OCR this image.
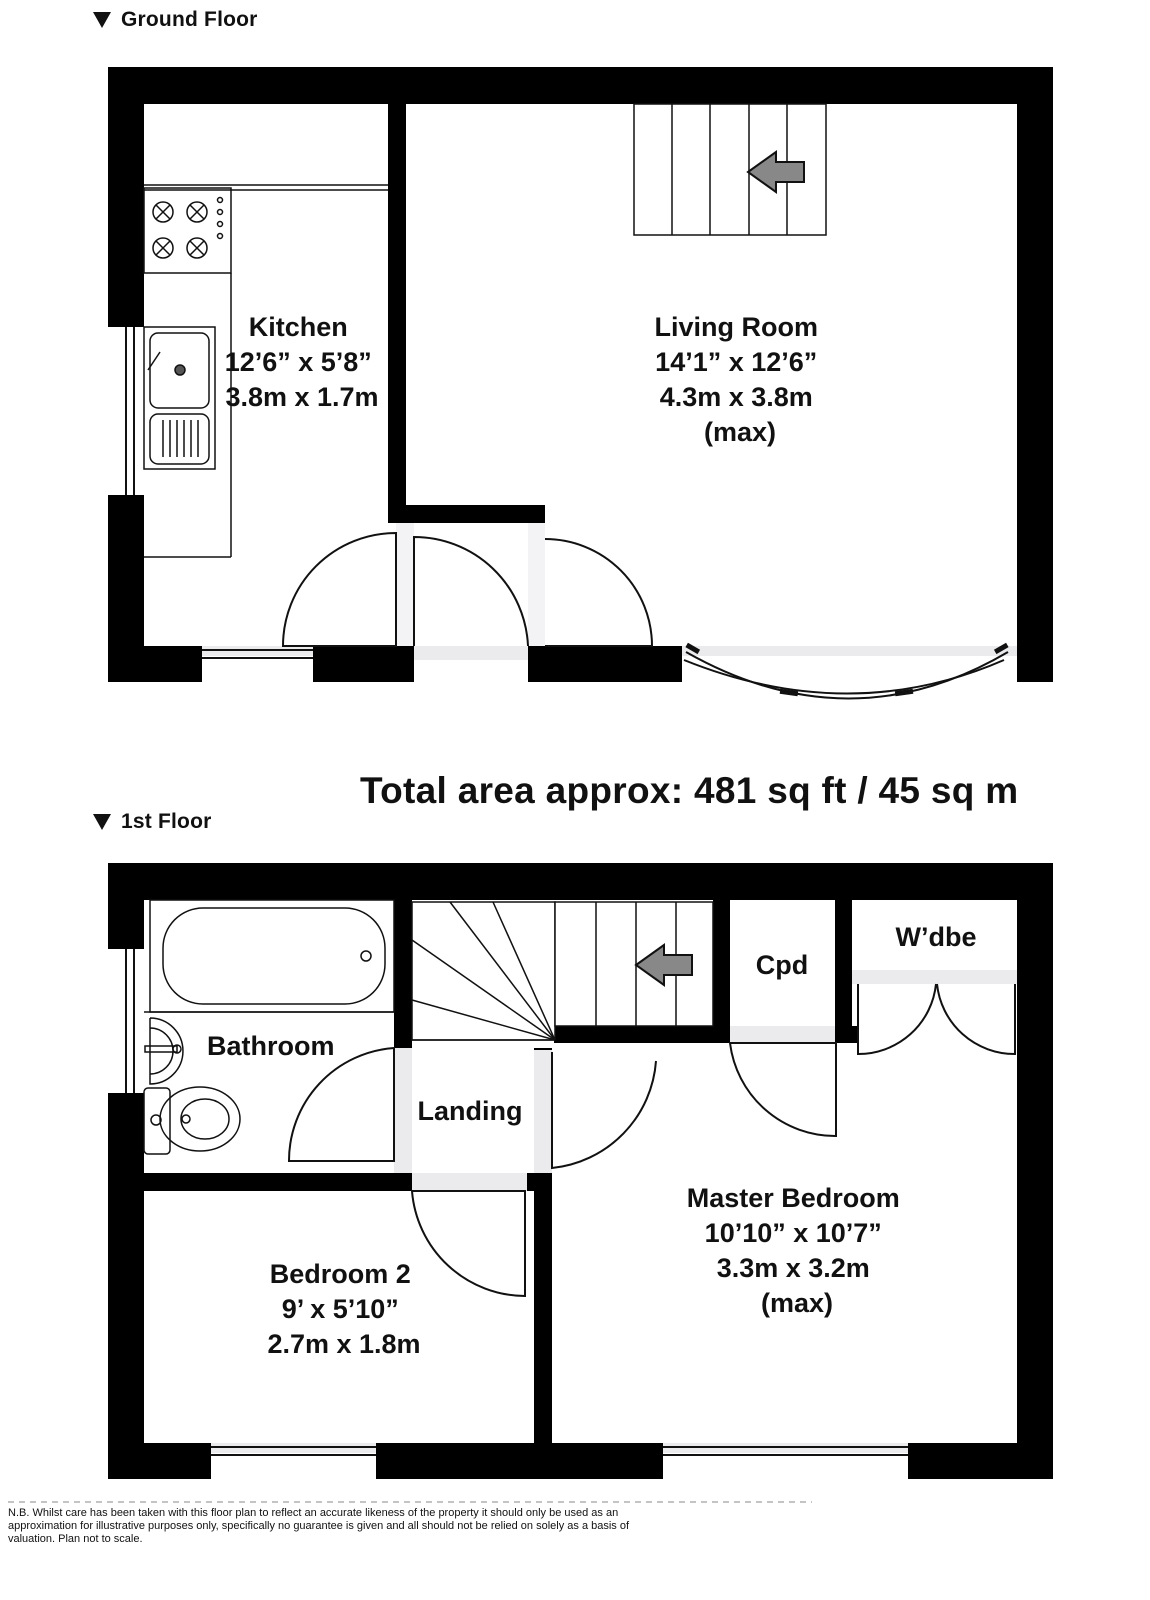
Ground Floor
1st Floor
Kitchen 12’6” x 5’8” 3.8m x 1.7m
Living Room 14’1” x 12’6” 4.3m x 3.8m (max)
Bathroom
Landing
Cpd
W’dbe
Master Bedroom 10’10” x 10’7” 3.3m x 3.2m (max)
Bedroom 2 9’ x 5’10” 2.7m x 1.8m
Total area approx: 481 sq ft / 45 sq m
N.B. Whilst care has been taken with this floor plan to reflect an accurate likeness of the property it should only be used as an approximation for illustrative purposes only, specifically no guarantee is given and all should not be relied on solely as a basis of valuation. Plan not to scale.
